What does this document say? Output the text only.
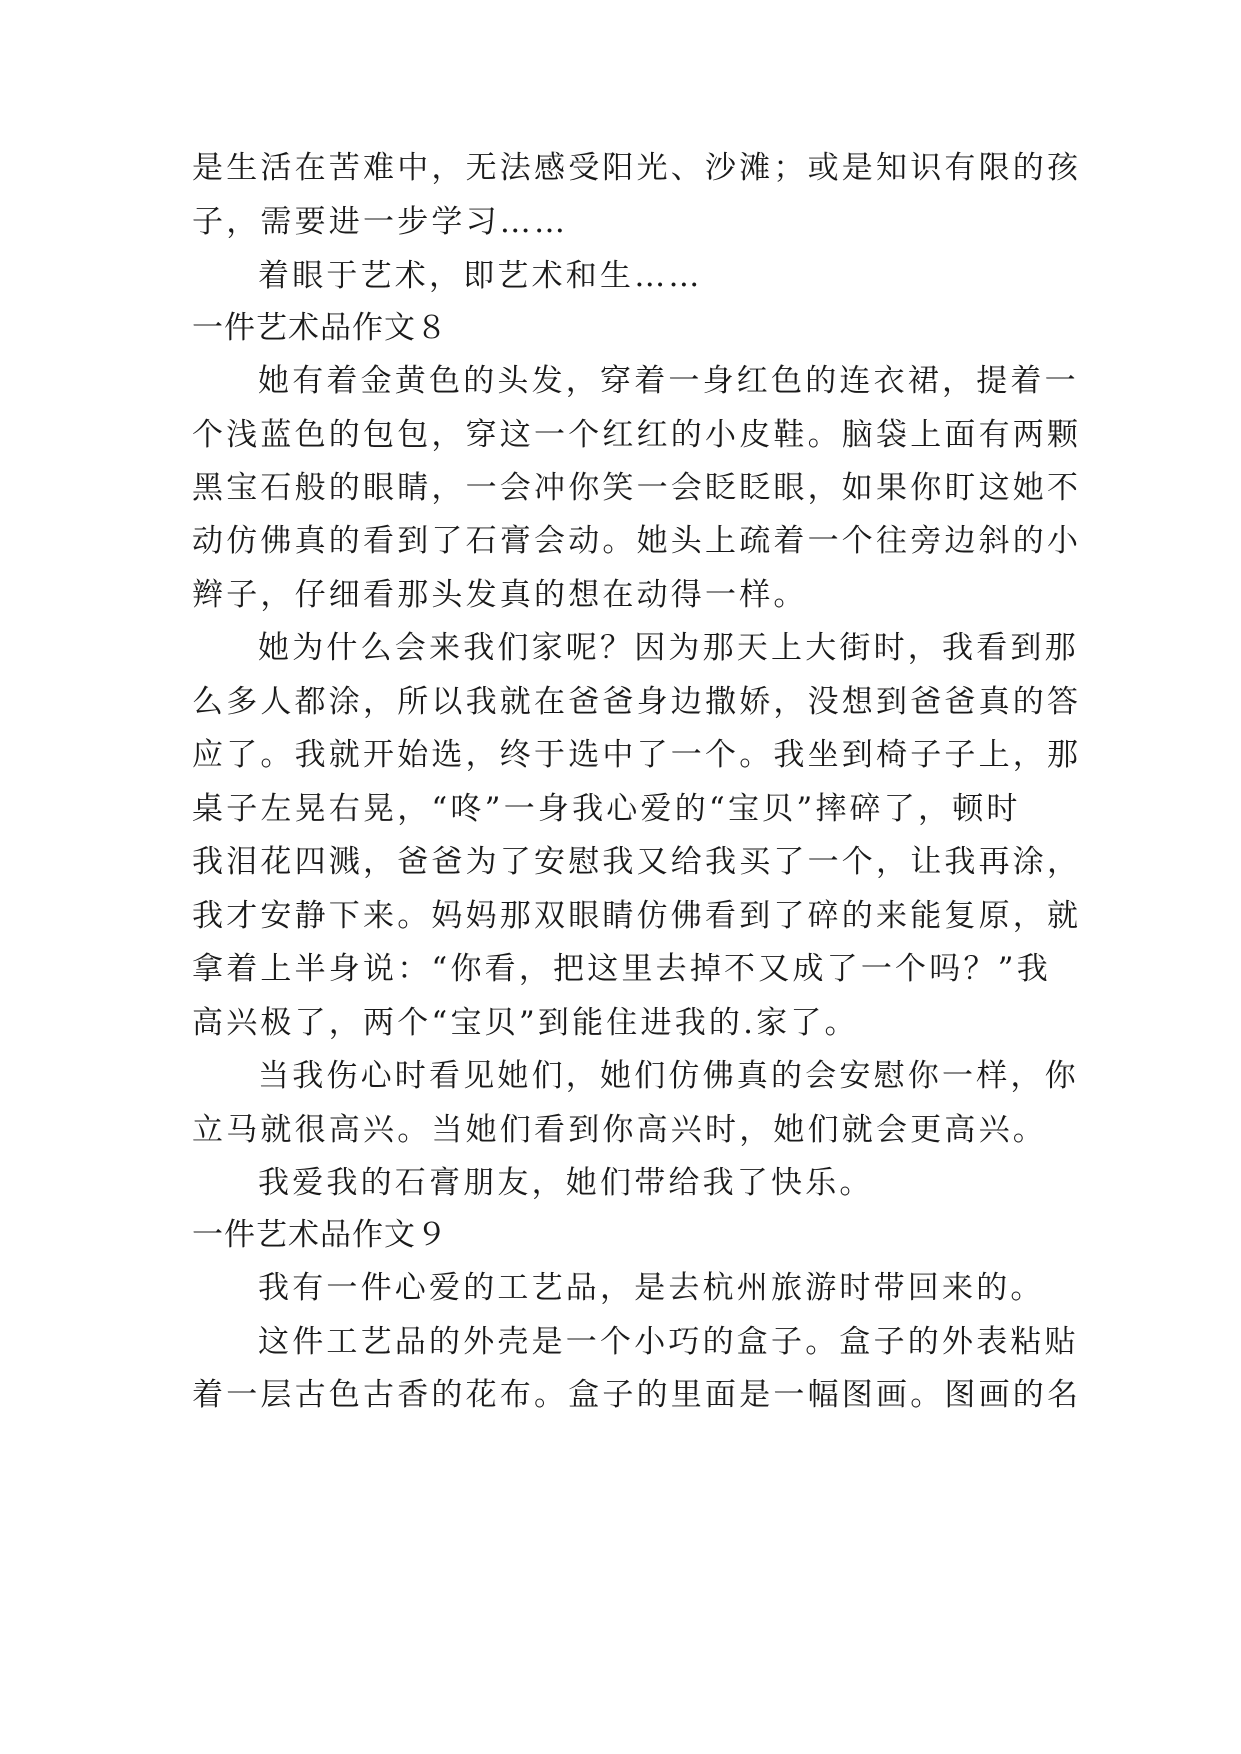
是生活在苦难中，无法感受阳光、沙滩；或是知识有限的孩
子，需要进一步学习……
着眼于艺术，即艺术和生……
一件艺术品作文８
她有着金黄色的头发，穿着一身红色的连衣裙，提着一
个浅蓝色的包包，穿这一个红红的小皮鞋。脑袋上面有两颗
黑宝石般的眼睛，一会冲你笑一会眨眨眼，如果你盯这她不
动仿佛真的看到了石膏会动。她头上疏着一个往旁边斜的小
辫子，仔细看那头发真的想在动得一样。
她为什么会来我们家呢？因为那天上大街时，我看到那
么多人都涂，所以我就在爸爸身边撒娇，没想到爸爸真的答
应了。我就开始选，终于选中了一个。我坐到椅子子上，那
桌子左晃右晃，“咚”一身我心爱的“宝贝”摔碎了，顿时
我泪花四溅，爸爸为了安慰我又给我买了一个，让我再涂，
我才安静下来。妈妈那双眼睛仿佛看到了碎的来能复原，就
拿着上半身说：“你看，把这里去掉不又成了一个吗？”我
高兴极了，两个“宝贝”到能住进我的.家了。
当我伤心时看见她们，她们仿佛真的会安慰你一样，你
立马就很高兴。当她们看到你高兴时，她们就会更高兴。
我爱我的石膏朋友，她们带给我了快乐。
一件艺术品作文９
我有一件心爱的工艺品，是去杭州旅游时带回来的。
这件工艺品的外壳是一个小巧的盒子。盒子的外表粘贴
着一层古色古香的花布。盒子的里面是一幅图画。图画的名
